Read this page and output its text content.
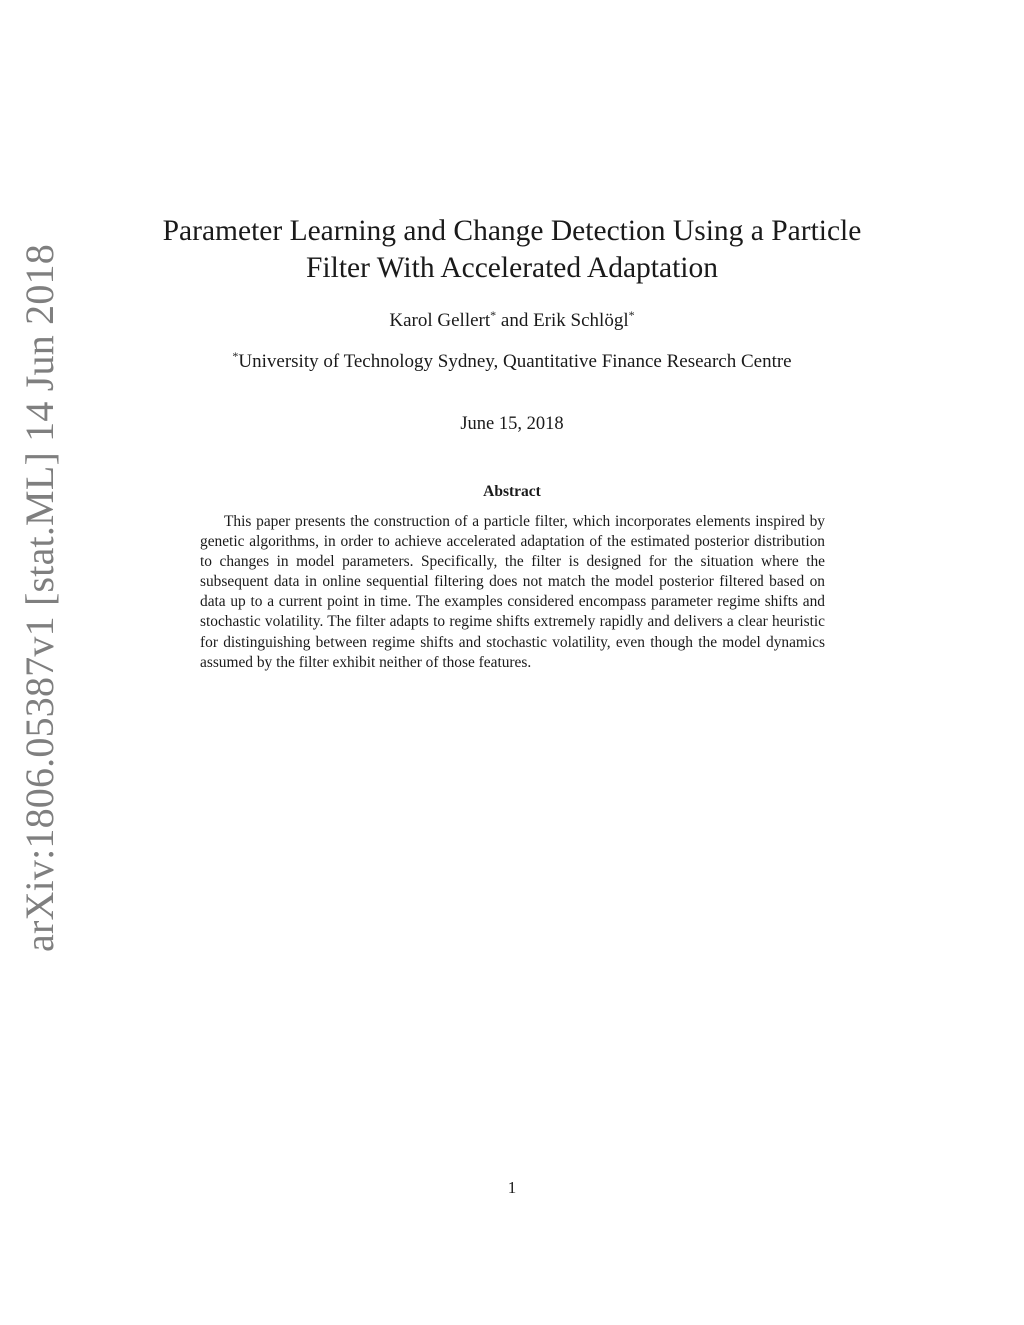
arXiv:1806.05387v1 [stat.ML] 14 Jun 2018
Parameter Learning and Change Detection Using a Particle
Filter With Accelerated Adaptation
Karol Gellert* and Erik Schlögl*
*University of Technology Sydney, Quantitative Finance Research Centre
June 15, 2018
Abstract
This paper presents the construction of a particle filter, which incorporates elements inspired by genetic algorithms, in order to achieve accelerated adaptation of the estimated posterior distribution to changes in model parameters. Specifically, the filter is designed for the situation where the subsequent data in online sequential filtering does not match the model posterior filtered based on data up to a current point in time. The examples considered encompass parameter regime shifts and stochastic volatility. The filter adapts to regime shifts extremely rapidly and delivers a clear heuristic for distinguishing between regime shifts and stochastic volatility, even though the model dynamics assumed by the filter exhibit neither of those features.
1
